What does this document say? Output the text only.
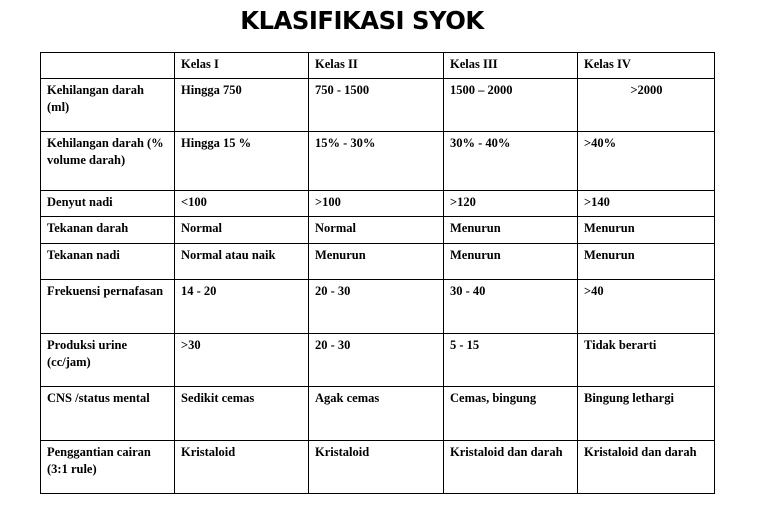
KLASIFIKASI SYOK
	Kelas I	Kelas II	Kelas III	Kelas IV
Kehilangan darah (ml)	Hingga 750	750 - 1500	1500 – 2000	>2000
Kehilangan darah (% volume darah)	Hingga 15 %	15% - 30%	30% - 40%	>40%
Denyut nadi	<100	>100	>120	>140
Tekanan darah	Normal	Normal	Menurun	Menurun
Tekanan nadi	Normal atau naik	Menurun	Menurun	Menurun
Frekuensi pernafasan	14 - 20	20 - 30	30 - 40	>40
Produksi urine (cc/jam)	>30	20 - 30	5 - 15	Tidak berarti
CNS /status mental	Sedikit cemas	Agak cemas	Cemas, bingung	Bingung lethargi
Penggantian cairan (3:1 rule)	Kristaloid	Kristaloid	Kristaloid dan darah	Kristaloid dan darah
